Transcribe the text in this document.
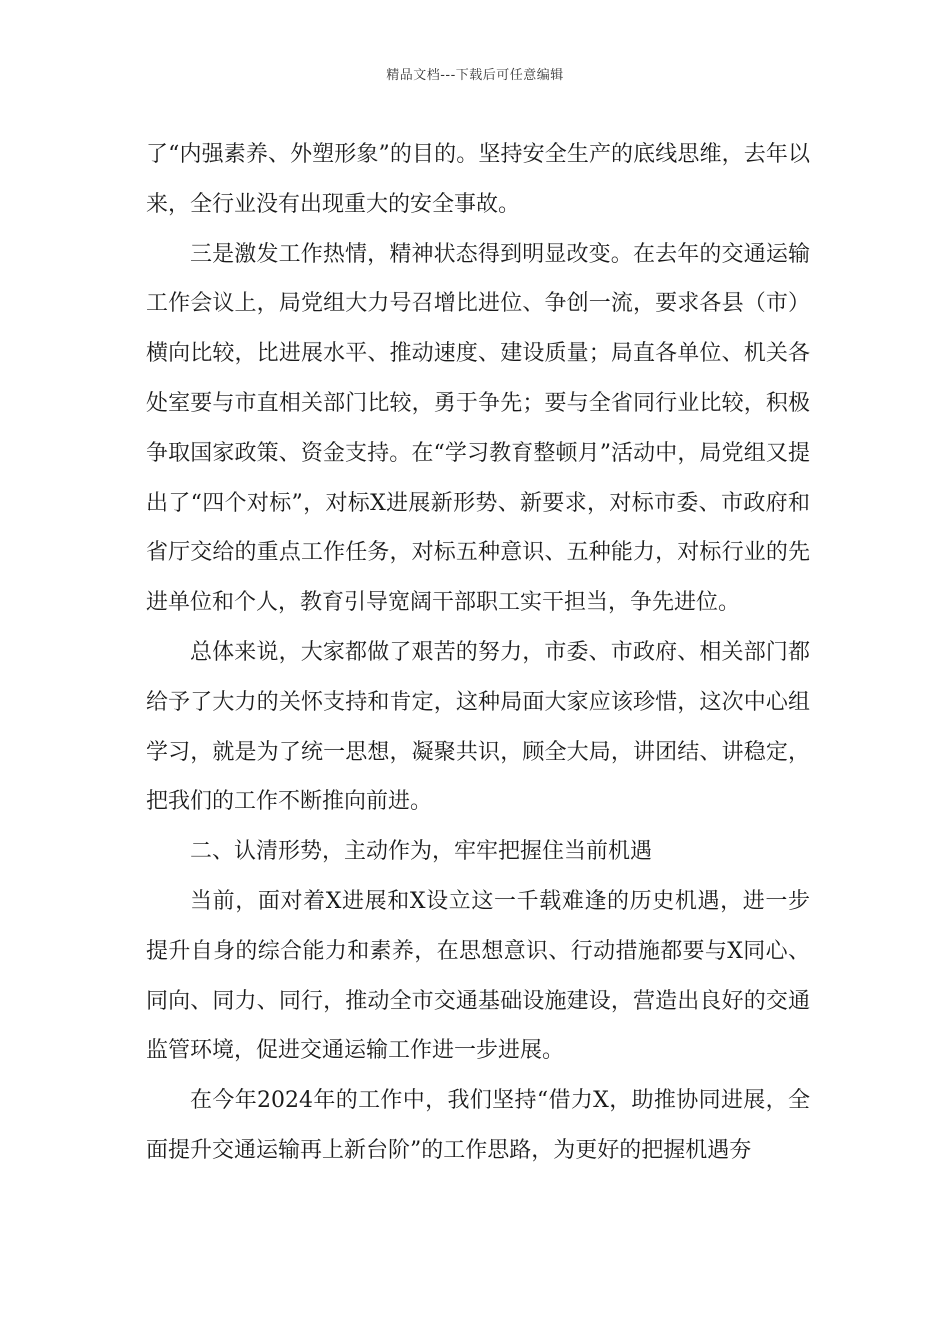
精品文档---下载后可任意编辑

了“内强素养、外塑形象”的目的。坚持安全生产的底线思维，去年以来，全行业没有出现重大的安全事故。

三是激发工作热情，精神状态得到明显改变。在去年的交通运输工作会议上，局党组大力号召增比进位、争创一流，要求各县（市）横向比较，比进展水平、推动速度、建设质量；局直各单位、机关各处室要与市直相关部门比较，勇于争先；要与全省同行业比较，积极争取国家政策、资金支持。在“学习教育整顿月”活动中，局党组又提出了“四个对标”，对标X进展新形势、新要求，对标市委、市政府和省厅交给的重点工作任务，对标五种意识、五种能力，对标行业的先进单位和个人，教育引导宽阔干部职工实干担当，争先进位。

总体来说，大家都做了艰苦的努力，市委、市政府、相关部门都给予了大力的关怀支持和肯定，这种局面大家应该珍惜，这次中心组学习，就是为了统一思想，凝聚共识，顾全大局，讲团结、讲稳定，把我们的工作不断推向前进。

二、认清形势，主动作为，牢牢把握住当前机遇

当前，面对着X进展和X设立这一千载难逢的历史机遇，进一步提升自身的综合能力和素养，在思想意识、行动措施都要与X同心、同向、同力、同行，推动全市交通基础设施建设，营造出良好的交通监管环境，促进交通运输工作进一步进展。

在今年2024年的工作中，我们坚持“借力X，助推协同进展，全面提升交通运输再上新台阶”的工作思路，为更好的把握机遇夯
